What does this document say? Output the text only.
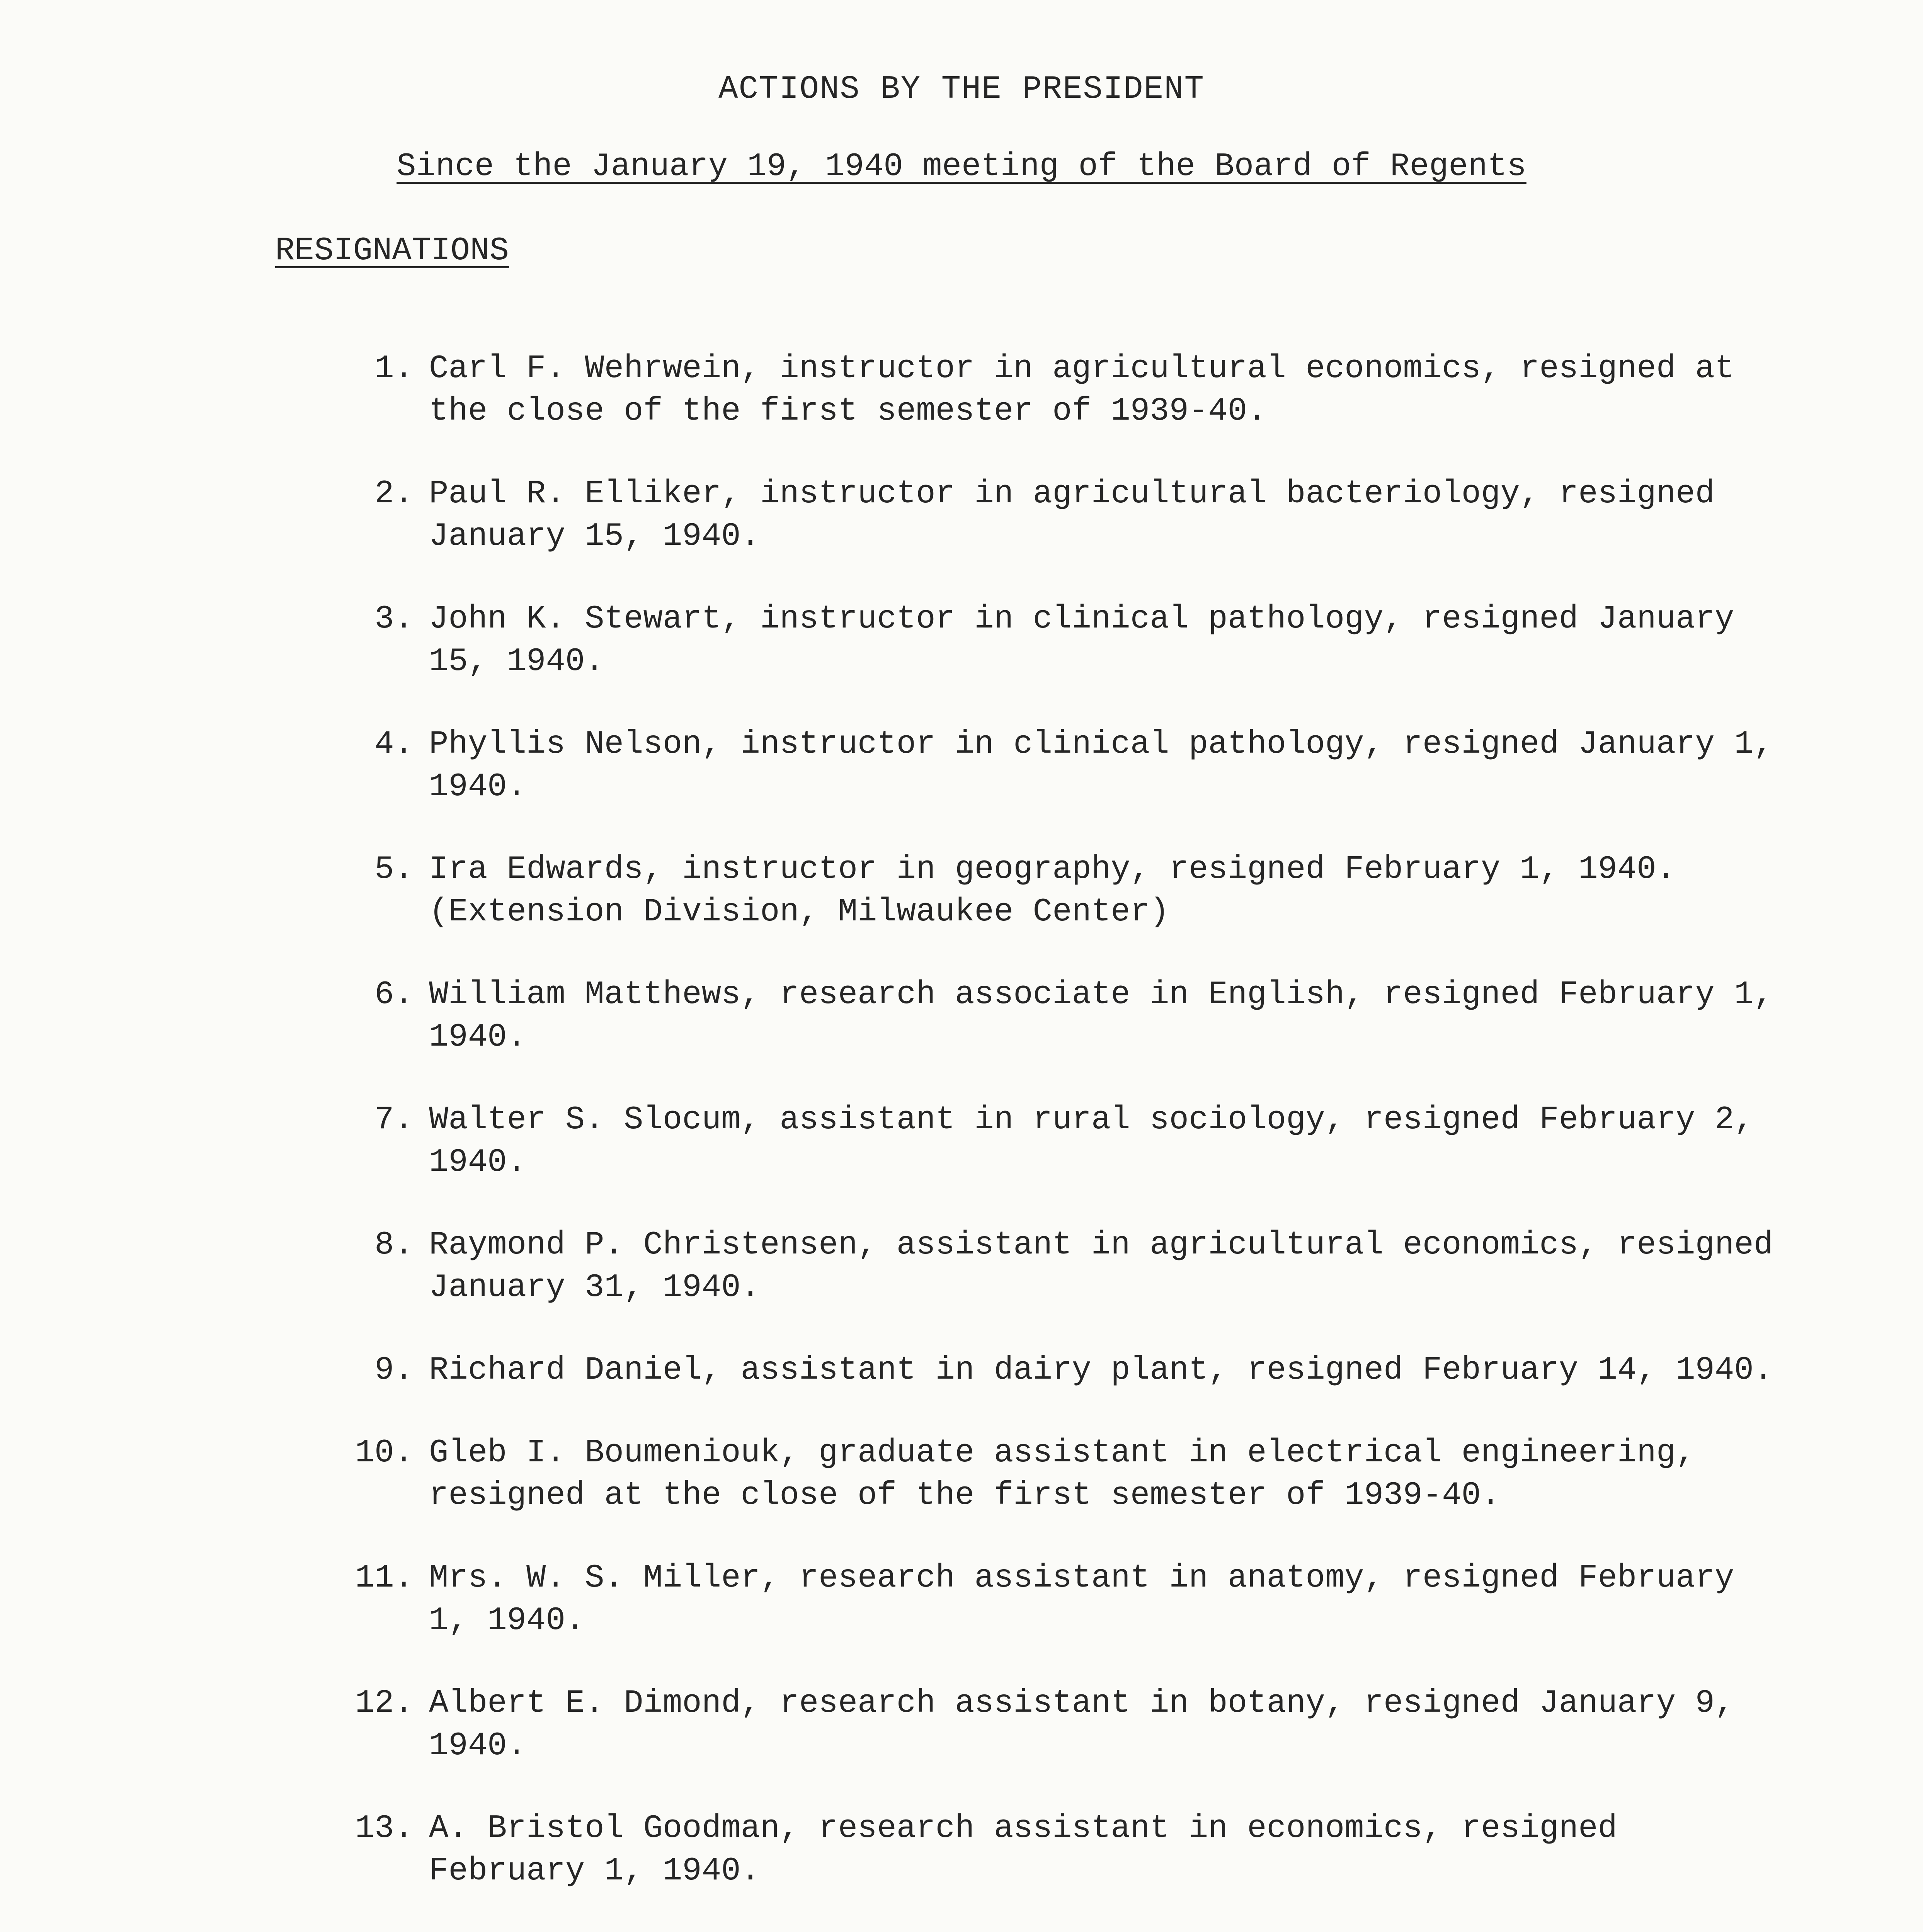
ACTIONS BY THE PRESIDENT
Since the January 19, 1940 meeting of the Board of Regents
RESIGNATIONS
1. Carl F. Wehrwein, instructor in agricultural economics, resigned at the close of the first semester of 1939-40.
2. Paul R. Elliker, instructor in agricultural bacteriology, resigned January 15, 1940.
3. John K. Stewart, instructor in clinical pathology, resigned January 15, 1940.
4. Phyllis Nelson, instructor in clinical pathology, resigned January 1, 1940.
5. Ira Edwards, instructor in geography, resigned February 1, 1940. (Extension Division, Milwaukee Center)
6. William Matthews, research associate in English, resigned February 1, 1940.
7. Walter S. Slocum, assistant in rural sociology, resigned February 2, 1940.
8. Raymond P. Christensen, assistant in agricultural economics, resigned January 31, 1940.
9. Richard Daniel, assistant in dairy plant, resigned February 14, 1940.
10. Gleb I. Boumeniouk, graduate assistant in electrical engineering, resigned at the close of the first semester of 1939-40.
11. Mrs. W. S. Miller, research assistant in anatomy, resigned February 1, 1940.
12. Albert E. Dimond, research assistant in botany, resigned January 9, 1940.
13. A. Bristol Goodman, research assistant in economics, resigned February 1, 1940.
